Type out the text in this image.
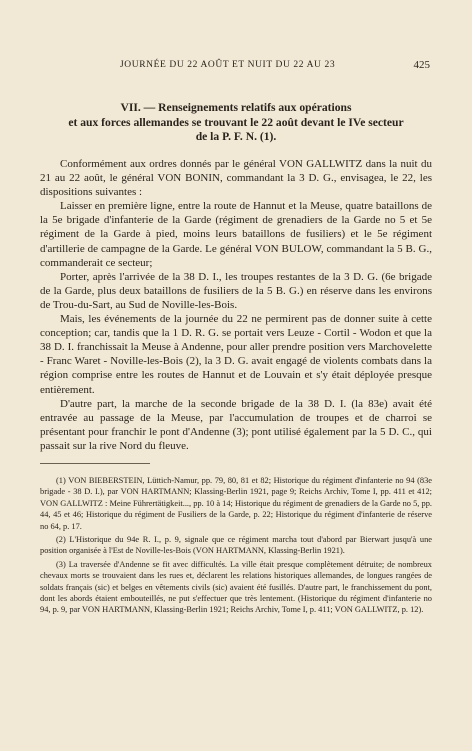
JOURNÉE DU 22 AOÛT ET NUIT DU 22 AU 23	425
VII. — Renseignements relatifs aux opérations
et aux forces allemandes se trouvant le 22 août devant le IVe secteur
de la P. F. N. (1).

Conformément aux ordres donnés par le général VON GALLWITZ dans la nuit du 21 au 22 août, le général VON BONIN, commandant la 3 D. G., envisagea, le 22, les dispositions suivantes :

Laisser en première ligne, entre la route de Hannut et la Meuse, quatre bataillons de la 5e brigade d'infanterie de la Garde (régiment de grenadiers de la Garde no 5 et 5e régiment de la Garde à pied, moins leurs bataillons de fusiliers) et le 5e régiment d'artillerie de campagne de la Garde. Le général VON BULOW, commandant la 5 B. G., commanderait ce secteur;

Porter, après l'arrivée de la 38 D. I., les troupes restantes de la 3 D. G. (6e brigade de la Garde, plus deux bataillons de fusiliers de la 5 B. G.) en réserve dans les environs de Trou-du-Sart, au Sud de Noville-les-Bois.

Mais, les événements de la journée du 22 ne permirent pas de donner suite à cette conception; car, tandis que la 1 D. R. G. se portait vers Leuze - Cortil - Wodon et que la 38 D. I. franchissait la Meuse à Andenne, pour aller prendre position vers Marchovelette - Franc Waret - Noville-les-Bois (2), la 3 D. G. avait engagé de violents combats dans la région comprise entre les routes de Hannut et de Louvain et s'y était déployée presque entièrement.

D'autre part, la marche de la seconde brigade de la 38 D. I. (la 83e) avait été entravée au passage de la Meuse, par l'accumulation de troupes et de charroi se présentant pour franchir le pont d'Andenne (3); pont utilisé également par la 5 D. C., qui passait sur la rive Nord du fleuve.

(1) VON BIEBERSTEIN, Lüttich-Namur, pp. 79, 80, 81 et 82; Historique du régiment d'infanterie no 94 (83e brigade - 38 D. I.), par VON HARTMANN; Klassing-Berlin 1921, page 9; Reichs Archiv, Tome I, pp. 411 et 412; VON GALLWITZ : Meine Führertätigkeit..., pp. 10 à 14; Historique du régiment de grenadiers de la Garde no 5, pp. 44, 45 et 46; Historique du régiment de Fusiliers de la Garde, p. 22; Historique du régiment d'infanterie de réserve no 64, p. 17.

(2) L'Historique du 94e R. I., p. 9, signale que ce régiment marcha tout d'abord par Bierwart jusqu'à une position organisée à l'Est de Noville-les-Bois (VON HARTMANN, Klassing-Berlin 1921).

(3) La traversée d'Andenne se fit avec difficultés. La ville était presque complètement détruite; de nombreux chevaux morts se trouvaient dans les rues et, déclarent les relations historiques allemandes, de longues rangées de soldats français (sic) et belges en vêtements civils (sic) avaient été fusillés. D'autre part, le franchissement du pont, dont les abords étaient embouteillés, ne put s'effectuer que très lentement. (Historique du régiment d'infanterie no 94, p. 9, par VON HARTMANN, Klassing-Berlin 1921; Reichs Archiv, Tome I, p. 411; VON GALLWITZ, p. 12).
